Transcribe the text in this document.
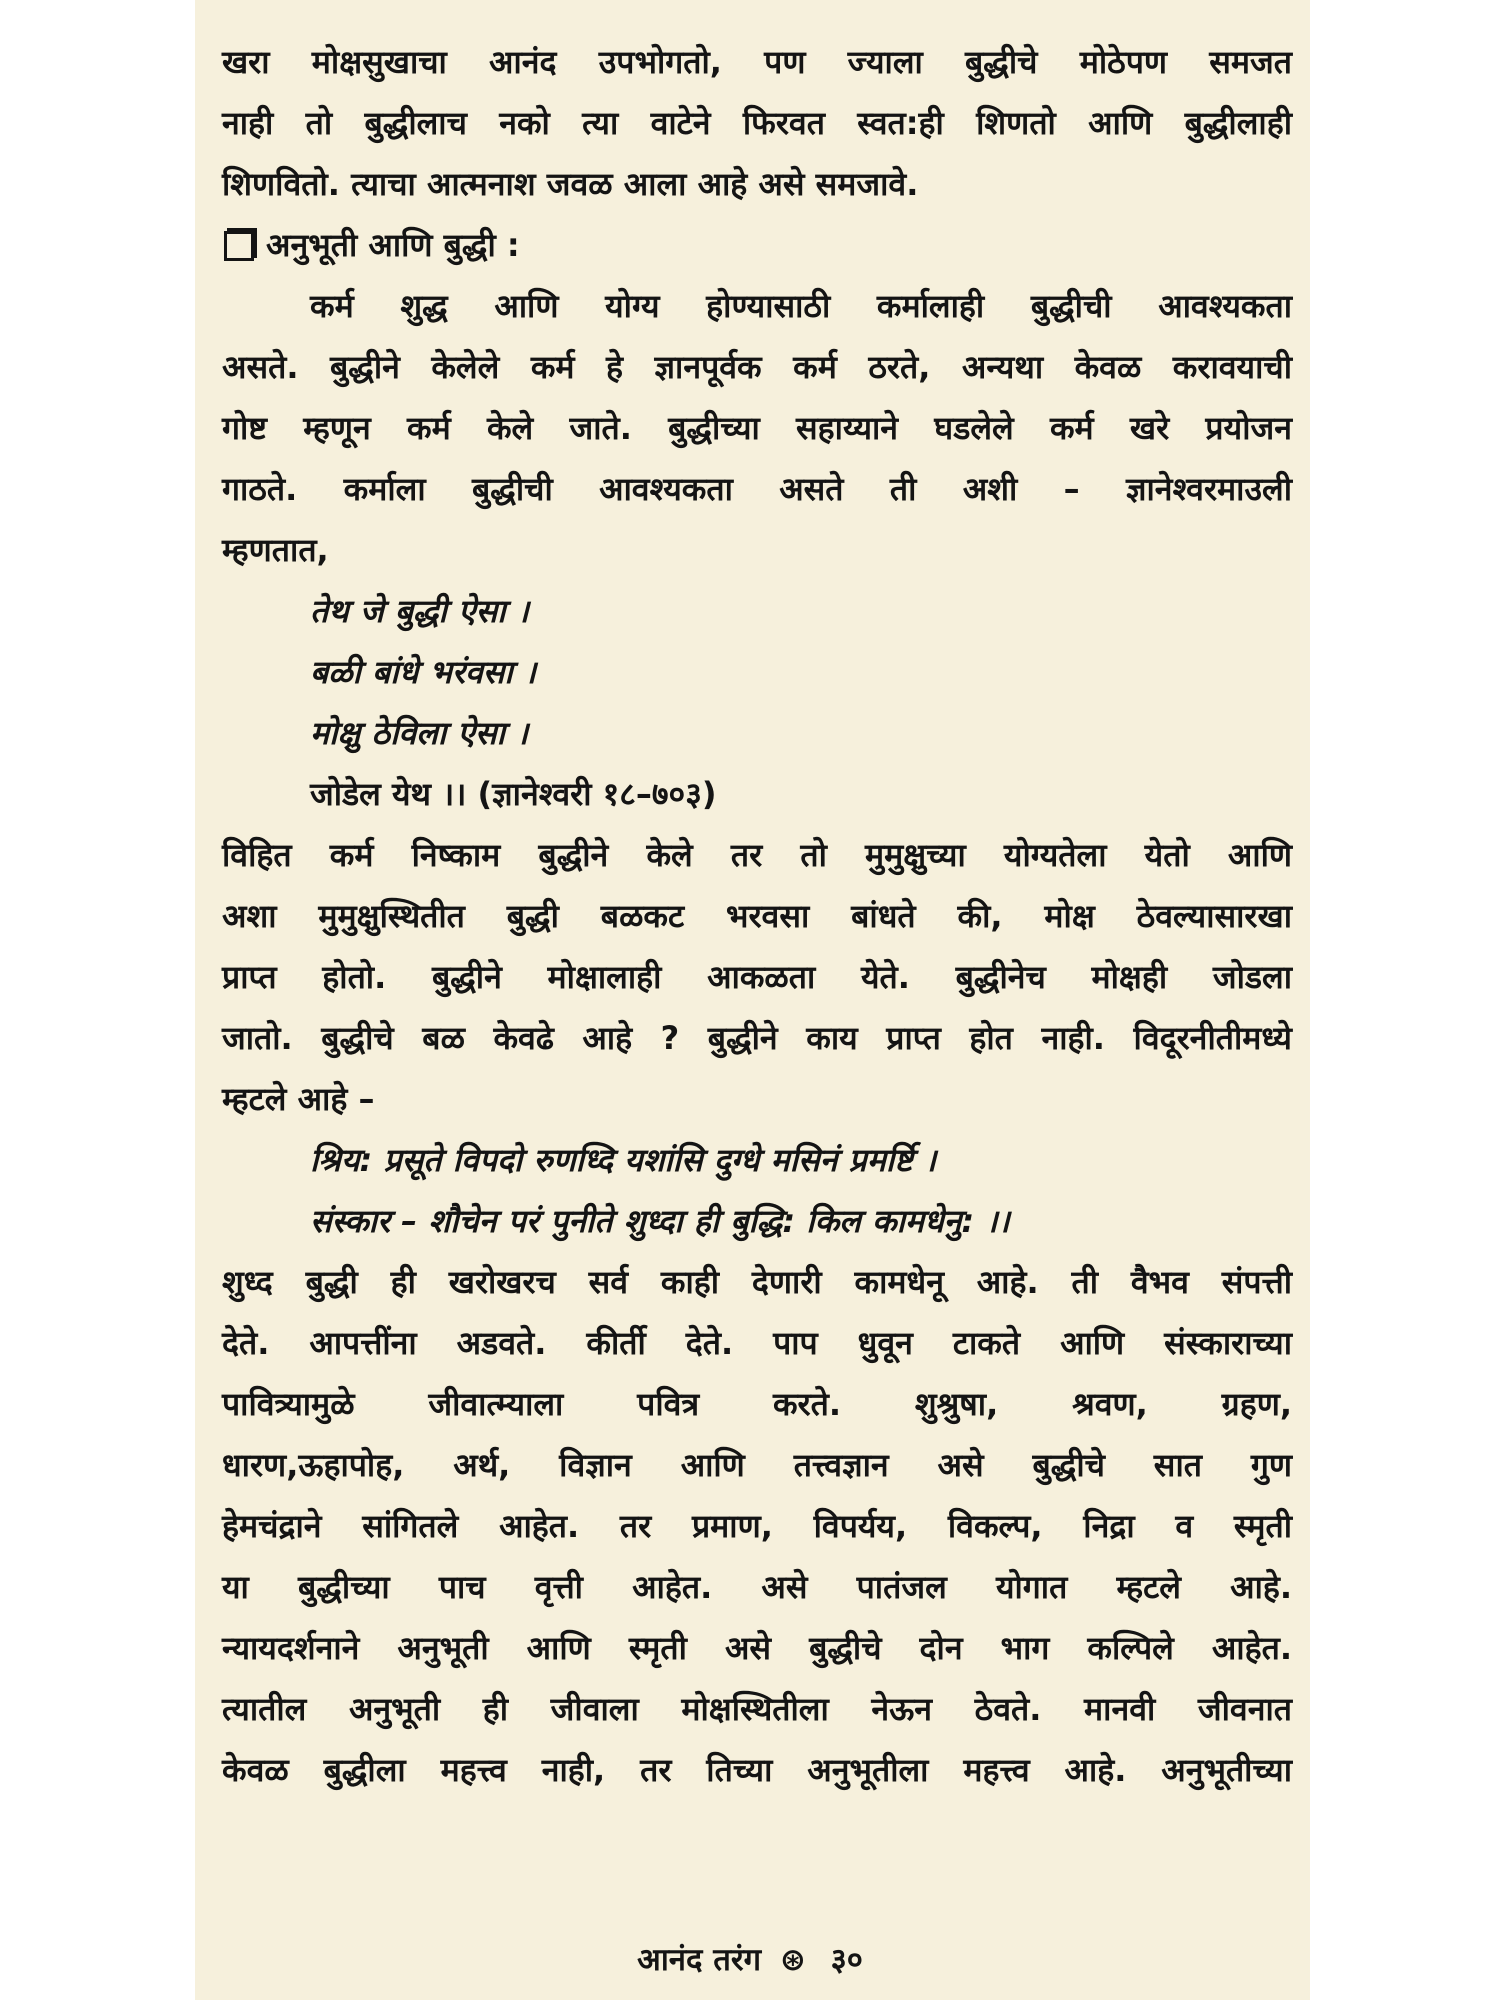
खरा मोक्षसुखाचा आनंद उपभोगतो, पण ज्याला बुद्धीचे मोठेपण समजत
नाही तो बुद्धीलाच नको त्या वाटेने फिरवत स्वत:ही शिणतो आणि बुद्धीलाही
शिणवितो. त्याचा आत्मनाश जवळ आला आहे असे समजावे.
अनुभूती आणि बुद्धी :
कर्म शुद्ध आणि योग्य होण्यासाठी कर्मालाही बुद्धीची आवश्यकता
असते. बुद्धीने केलेले कर्म हे ज्ञानपूर्वक कर्म ठरते, अन्यथा केवळ करावयाची
गोष्ट म्हणून कर्म केले जाते. बुद्धीच्या सहाय्याने घडलेले कर्म खरे प्रयोजन
गाठते. कर्माला बुद्धीची आवश्यकता असते ती अशी – ज्ञानेश्वरमाउली
म्हणतात,
तेथ जे बुद्धी ऐसा ।
बळी बांधे भरंवसा ।
मोक्षु ठेविला ऐसा ।
जोडेल येथ ।। (ज्ञानेश्वरी १८–७०३)
विहित कर्म निष्काम बुद्धीने केले तर तो मुमुक्षुच्या योग्यतेला येतो आणि
अशा मुमुक्षुस्थितीत बुद्धी बळकट भरवसा बांधते की, मोक्ष ठेवल्यासारखा
प्राप्त होतो. बुद्धीने मोक्षालाही आकळता येते. बुद्धीनेच मोक्षही जोडला
जातो. बुद्धीचे बळ केवढे आहे ? बुद्धीने काय प्राप्त होत नाही. विदूरनीतीमध्ये
म्हटले आहे –
श्रिय: प्रसूते विपदो रुणध्दि यशांसि दुग्धे मसिनं प्रमर्ष्टि ।
संस्कार – शौचेन परं पुनीते शुध्दा ही बुद्धि: किल कामधेनु: ।।
शुध्द बुद्धी ही खरोखरच सर्व काही देणारी कामधेनू आहे. ती वैभव संपत्ती
देते. आपत्तींना अडवते. कीर्ती देते. पाप धुवून टाकते आणि संस्काराच्या
पावित्र्यामुळे जीवात्म्याला पवित्र करते. शुश्रुषा, श्रवण, ग्रहण,
धारण,ऊहापोह, अर्थ, विज्ञान आणि तत्त्वज्ञान असे बुद्धीचे सात गुण
हेमचंद्राने सांगितले आहेत. तर प्रमाण, विपर्यय, विकल्प, निद्रा व स्मृती
या बुद्धीच्या पाच वृत्ती आहेत. असे पातंजल योगात म्हटले आहे.
न्यायदर्शनाने अनुभूती आणि स्मृती असे बुद्धीचे दोन भाग कल्पिले आहेत.
त्यातील अनुभूती ही जीवाला मोक्षस्थितीला नेऊन ठेवते. मानवी जीवनात
केवळ बुद्धीला महत्त्व नाही, तर तिच्या अनुभूतीला महत्त्व आहे. अनुभूतीच्या
आनंद तरंग ⊛ ३०
